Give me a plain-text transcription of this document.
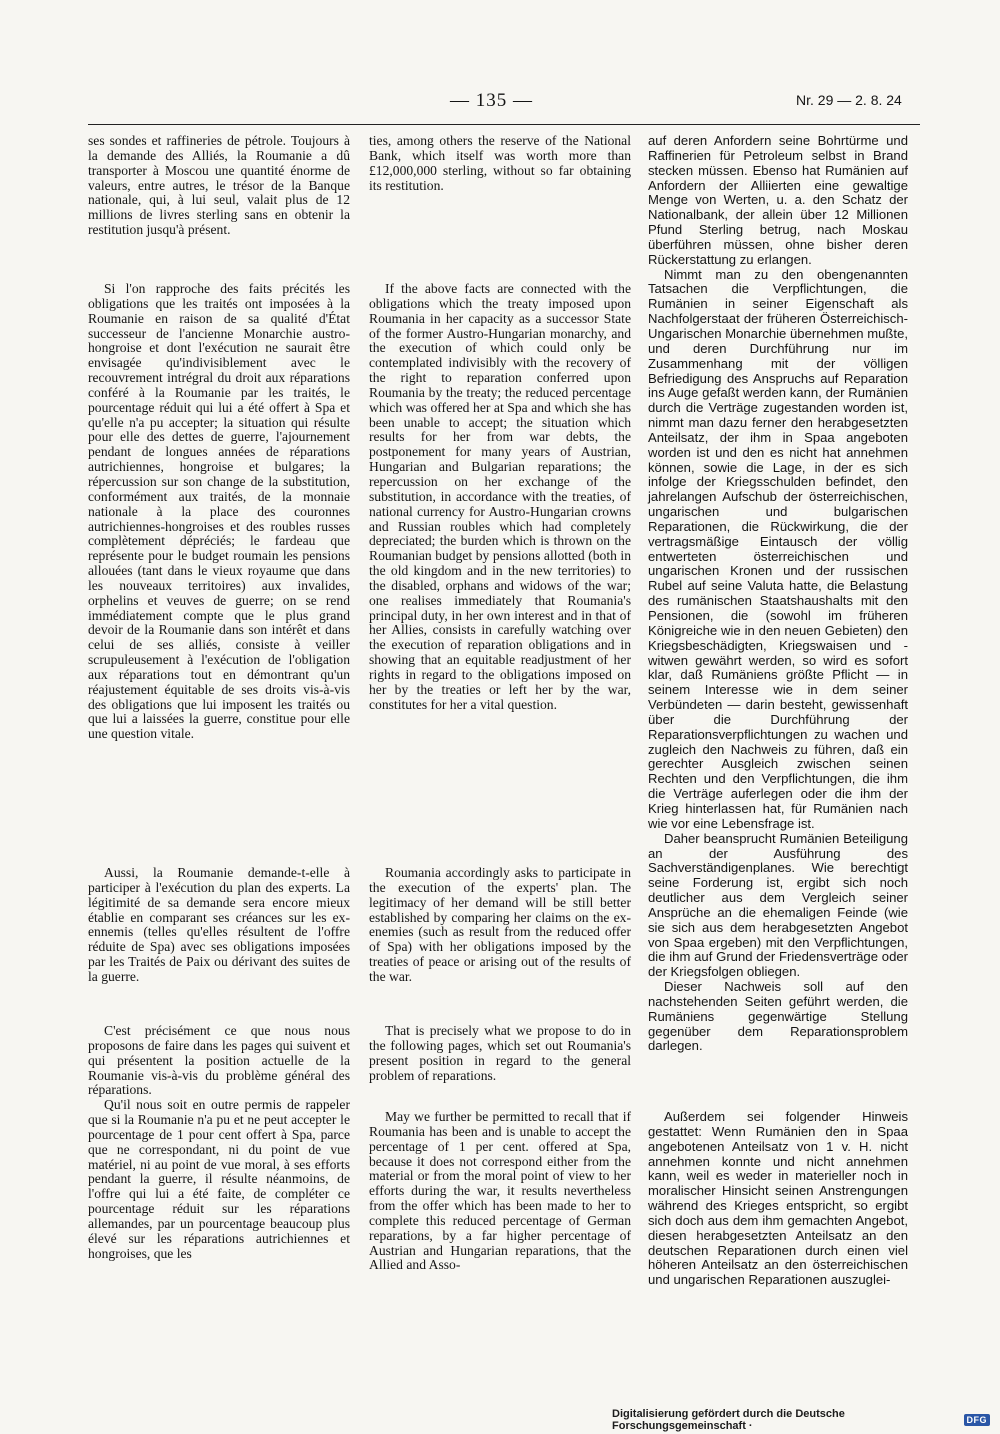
— 135 —	Nr. 29 — 2. 8. 24

ses sondes et raffineries de pétrole. Toujours à la demande des Alliés, la Roumanie a dû transporter à Moscou une quantité énorme de valeurs, entre autres, le trésor de la Banque nationale, qui, à lui seul, valait plus de 12 millions de livres sterling sans en obtenir la restitution jusqu'à présent.

Si l'on rapproche des faits précités les obligations que les traités ont imposées à la Roumanie en raison de sa qualité d'État successeur de l'ancienne Monarchie austro-hongroise et dont l'exécution ne saurait être envisagée qu'indivisiblement avec le recouvrement intrégral du droit aux réparations conféré à la Roumanie par les traités, le pourcentage réduit qui lui a été offert à Spa et qu'elle n'a pu accepter; la situation qui résulte pour elle des dettes de guerre, l'ajournement pendant de longues années de réparations autrichiennes, hongroise et bulgares; la répercussion sur son change de la substitution, conformément aux traités, de la monnaie nationale à la place des couronnes autrichiennes-hongroises et des roubles russes complètement dépréciés; le fardeau que représente pour le budget roumain les pensions allouées (tant dans le vieux royaume que dans les nouveaux territoires) aux invalides, orphelins et veuves de guerre; on se rend immédiatement compte que le plus grand devoir de la Roumanie dans son intérêt et dans celui de ses alliés, consiste à veiller scrupuleusement à l'exécution de l'obligation aux réparations tout en démontrant qu'un réajustement équitable de ses droits vis-à-vis des obligations que lui imposent les traités ou que lui a laissées la guerre, constitue pour elle une question vitale.

Aussi, la Roumanie demande-t-elle à participer à l'exécution du plan des experts. La légitimité de sa demande sera encore mieux établie en comparant ses créances sur les ex-ennemis (telles qu'elles résultent de l'offre réduite de Spa) avec ses obligations imposées par les Traités de Paix ou dérivant des suites de la guerre.

C'est précisément ce que nous nous proposons de faire dans les pages qui suivent et qui présentent la position actuelle de la Roumanie vis-à-vis du problème général des réparations.

Qu'il nous soit en outre permis de rappeler que si la Roumanie n'a pu et ne peut accepter le pourcentage de 1 pour cent offert à Spa, parce que ne correspondant, ni du point de vue matériel, ni au point de vue moral, à ses efforts pendant la guerre, il résulte néanmoins, de l'offre qui lui a été faite, de compléter ce pourcentage réduit sur les réparations allemandes, par un pourcentage beaucoup plus élevé sur les réparations autrichiennes et hongroises, que les

ties, among others the reserve of the National Bank, which itself was worth more than £12,000,000 sterling, without so far obtaining its restitution.

If the above facts are connected with the obligations which the treaty imposed upon Roumania in her capacity as a successor State of the former Austro-Hungarian monarchy, and the execution of which could only be contemplated indivisibly with the recovery of the right to reparation conferred upon Roumania by the treaty; the reduced percentage which was offered her at Spa and which she has been unable to accept; the situation which results for her from war debts, the postponement for many years of Austrian, Hungarian and Bulgarian reparations; the repercussion on her exchange of the substitution, in accordance with the treaties, of national currency for Austro-Hungarian crowns and Russian roubles which had completely depreciated; the burden which is thrown on the Roumanian budget by pensions allotted (both in the old kingdom and in the new territories) to the disabled, orphans and widows of the war; one realises immediately that Roumania's principal duty, in her own interest and in that of her Allies, consists in carefully watching over the execution of reparation obligations and in showing that an equitable readjustment of her rights in regard to the obligations imposed on her by the treaties or left her by the war, constitutes for her a vital question.

Roumania accordingly asks to participate in the execution of the experts' plan. The legitimacy of her demand will be still better established by comparing her claims on the ex-enemies (such as result from the reduced offer of Spa) with her obligations imposed by the treaties of peace or arising out of the results of the war.

That is precisely what we propose to do in the following pages, which set out Roumania's present position in regard to the general problem of reparations.

May we further be permitted to recall that if Roumania has been and is unable to accept the percentage of 1 per cent. offered at Spa, because it does not correspond either from the material or from the moral point of view to her efforts during the war, it results nevertheless from the offer which has been made to her to complete this reduced percentage of German reparations, by a far higher percentage of Austrian and Hungarian reparations, that the Allied and Asso-

auf deren Anfordern seine Bohrtürme und Raffinerien für Petroleum selbst in Brand stecken müssen. Ebenso hat Rumänien auf Anfordern der Alliierten eine gewaltige Menge von Werten, u. a. den Schatz der Nationalbank, der allein über 12 Millionen Pfund Sterling betrug, nach Moskau überführen müssen, ohne bisher deren Rückerstattung zu erlangen.

Nimmt man zu den obengenannten Tatsachen die Verpflichtungen, die Rumänien in seiner Eigenschaft als Nachfolgerstaat der früheren Österreichisch-Ungarischen Monarchie übernehmen mußte, und deren Durchführung nur im Zusammenhang mit der völligen Befriedigung des Anspruchs auf Reparation ins Auge gefaßt werden kann, der Rumänien durch die Verträge zugestanden worden ist, nimmt man dazu ferner den herabgesetzten Anteilsatz, der ihm in Spaa angeboten worden ist und den es nicht hat annehmen können, sowie die Lage, in der es sich infolge der Kriegsschulden befindet, den jahrelangen Aufschub der österreichischen, ungarischen und bulgarischen Reparationen, die Rückwirkung, die der vertragsmäßige Eintausch der völlig entwerteten österreichischen und ungarischen Kronen und der russischen Rubel auf seine Valuta hatte, die Belastung des rumänischen Staatshaushalts mit den Pensionen, die (sowohl im früheren Königreiche wie in den neuen Gebieten) den Kriegsbeschädigten, Kriegswaisen und -witwen gewährt werden, so wird es sofort klar, daß Rumäniens größte Pflicht — in seinem Interesse wie in dem seiner Verbündeten — darin besteht, gewissenhaft über die Durchführung der Reparationsverpflichtungen zu wachen und zugleich den Nachweis zu führen, daß ein gerechter Ausgleich zwischen seinen Rechten und den Verpflichtungen, die ihm die Verträge auferlegen oder die ihm der Krieg hinterlassen hat, für Rumänien nach wie vor eine Lebensfrage ist.

Daher beansprucht Rumänien Beteiligung an der Ausführung des Sachverständigenplanes. Wie berechtigt seine Forderung ist, ergibt sich noch deutlicher aus dem Vergleich seiner Ansprüche an die ehemaligen Feinde (wie sie sich aus dem herabgesetzten Angebot von Spaa ergeben) mit den Verpflichtungen, die ihm auf Grund der Friedensverträge oder der Kriegsfolgen obliegen.

Dieser Nachweis soll auf den nachstehenden Seiten geführt werden, die Rumäniens gegenwärtige Stellung gegenüber dem Reparationsproblem darlegen.

Außerdem sei folgender Hinweis gestattet: Wenn Rumänien den in Spaa angebotenen Anteilsatz von 1 v. H. nicht annehmen konnte und nicht annehmen kann, weil es weder in materieller noch in moralischer Hinsicht seinen Anstrengungen während des Krieges entspricht, so ergibt sich doch aus dem ihm gemachten Angebot, diesen herabgesetzten Anteilsatz an den deutschen Reparationen durch einen viel höheren Anteilsatz an den österreichischen und ungarischen Reparationen auszuglei-

Digitalisierung gefördert durch die Deutsche Forschungsgemeinschaft ·	DFG
